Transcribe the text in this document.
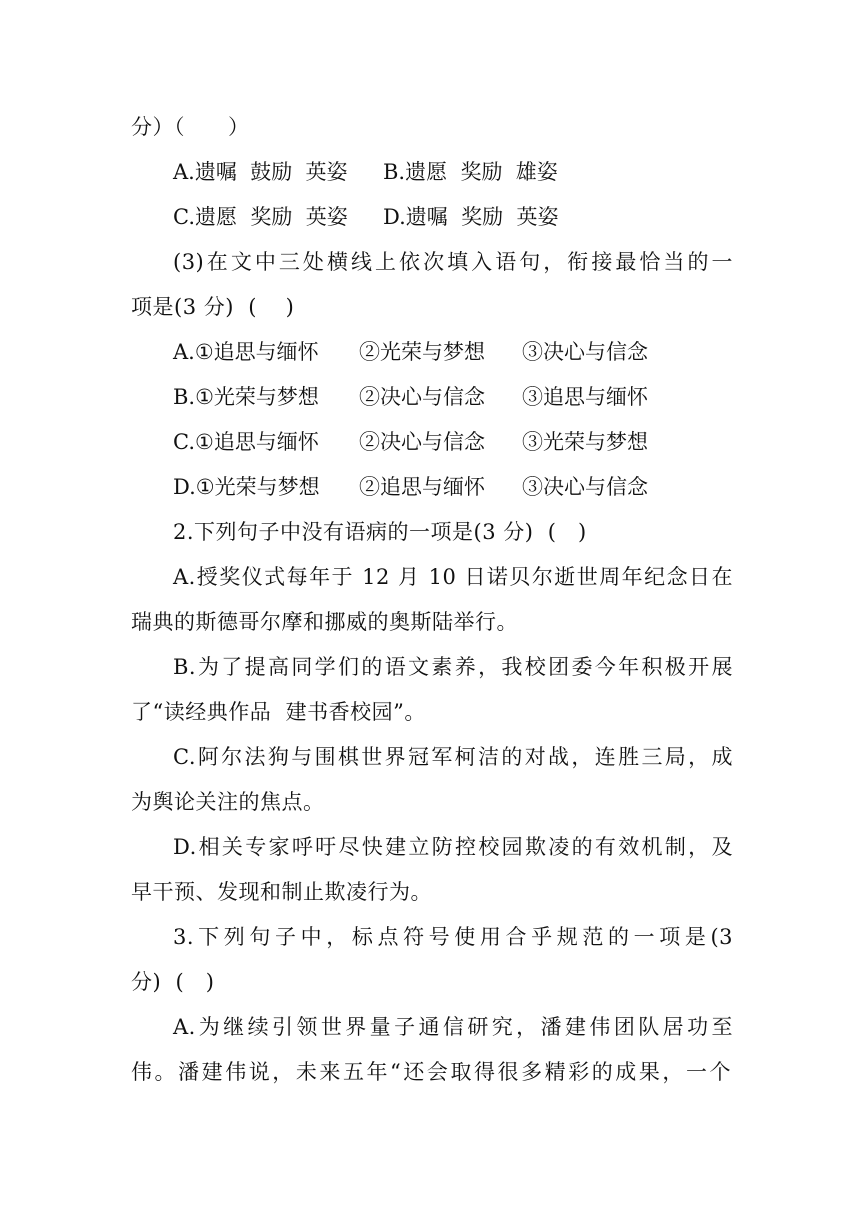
分）（　　）

A.遗嘱  鼓励  英姿

B.遗愿  奖励  雄姿

C.遗愿  奖励  英姿

D.遗嘱  奖励  英姿

(3)在文中三处横线上依次填入语句，衔接最恰当的一
项是(3 分)  (    )

A.①追思与缅怀

②光荣与梦想

③决心与信念

B.①光荣与梦想

②决心与信念

③追思与缅怀

C.①追思与缅怀

②决心与信念

③光荣与梦想

D.①光荣与梦想

②追思与缅怀

③决心与信念

2.下列句子中没有语病的一项是(3 分)  (   )
A.授奖仪式每年于 12 月 10 日诺贝尔逝世周年纪念日在
瑞典的斯德哥尔摩和挪威的奥斯陆举行。
B.为了提高同学们的语文素养，我校团委今年积极开展
了“读经典作品  建书香校园”。
C.阿尔法狗与围棋世界冠军柯洁的对战，连胜三局，成
为舆论关注的焦点。
D.相关专家呼吁尽快建立防控校园欺凌的有效机制，及
早干预、发现和制止欺凌行为。
3.下列句子中，标点符号使用合乎规范的一项是(3
分)  (   )
A.为继续引领世界量子通信研究，潘建伟团队居功至
伟。潘建伟说，未来五年“还会取得很多精彩的成果，一个
